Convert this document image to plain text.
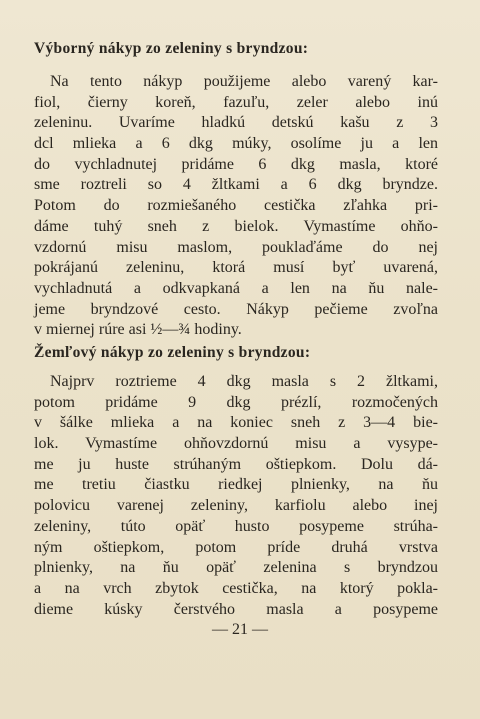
Výborný nákyp zo zeleniny s bryndzou:
Na tento nákyp použijeme alebo varený kar-
fiol, čierny koreň, fazuľu, zeler alebo inú
zeleninu. Uvaríme hladkú detskú kašu z 3
dcl mlieka a 6 dkg múky, osolíme ju a len
do vychladnutej pridáme 6 dkg masla, ktoré
sme roztreli so 4 žltkami a 6 dkg bryndze.
Potom do rozmiešaného cestička zľahka pri-
dáme tuhý sneh z bielok. Vymastíme ohňo-
vzdornú misu maslom, pouklaďáme do nej
pokrájanú zeleninu, ktorá musí byť uvarená,
vychladnutá a odkvapkaná a len na ňu nale-
jeme bryndzové cesto. Nákyp pečieme zvoľna
v miernej rúre asi ½—¾ hodiny.
Žemľový nákyp zo zeleniny s bryndzou:
Najprv roztrieme 4 dkg masla s 2 žltkami,
potom pridáme 9 dkg prézlí, rozmočených
v šálke mlieka a na koniec sneh z 3—4 bie-
lok. Vymastíme ohňovzdornú misu a vysype-
me ju huste strúhaným oštiepkom. Dolu dá-
me tretiu čiastku riedkej plnienky, na ňu
polovicu varenej zeleniny, karfiolu alebo inej
zeleniny, túto opäť husto posypeme strúha-
ným oštiepkom, potom príde druhá vrstva
plnienky, na ňu opäť zelenina s bryndzou
a na vrch zbytok cestička, na ktorý pokla-
dieme kúsky čerstvého masla a posypeme
— 21 —
